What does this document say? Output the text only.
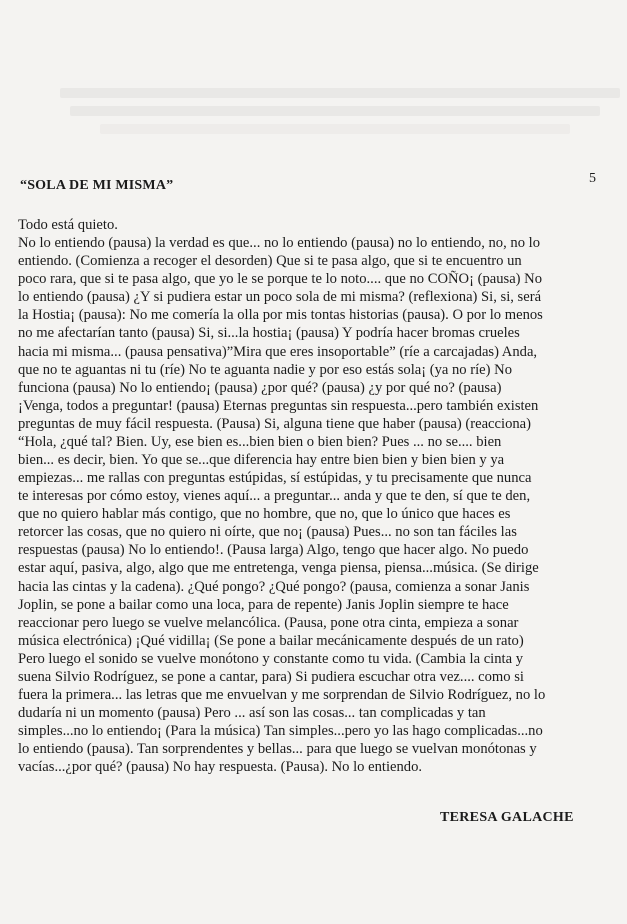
5
“SOLA DE MI MISMA”
Todo está quieto.
No lo entiendo (pausa) la verdad es que... no lo entiendo (pausa) no lo entiendo, no, no lo
entiendo. (Comienza a recoger el desorden) Que si te pasa algo, que si te encuentro un
poco rara, que si te pasa algo, que yo le se porque te lo noto.... que no COÑO¡ (pausa) No
lo entiendo (pausa) ¿Y si pudiera estar un poco sola de mi misma? (reflexiona) Si, si, será
la Hostia¡ (pausa): No me comería la olla por mis tontas historias (pausa). O por lo menos
no me afectarían tanto (pausa) Si, si...la hostia¡ (pausa) Y podría hacer bromas crueles
hacia mi misma... (pausa pensativa)”Mira que eres insoportable” (ríe a carcajadas) Anda,
que no te aguantas ni tu (ríe) No te aguanta nadie y por eso estás sola¡ (ya no ríe) No
funciona (pausa) No lo entiendo¡ (pausa) ¿por qué? (pausa) ¿y por qué no? (pausa)
¡Venga, todos a preguntar! (pausa) Eternas preguntas sin respuesta...pero también existen
preguntas de muy fácil respuesta. (Pausa) Si, alguna tiene que haber (pausa) (reacciona)
“Hola, ¿qué tal? Bien. Uy, ese bien es...bien bien o bien bien? Pues ... no se.... bien
bien... es decir, bien. Yo que se...que diferencia hay entre bien bien y bien bien y ya
empiezas... me rallas con preguntas estúpidas, sí estúpidas, y tu precisamente que nunca
te interesas por cómo estoy, vienes aquí... a preguntar... anda y que te den, sí que te den,
que no quiero hablar más contigo, que no hombre, que no, que lo único que haces es
retorcer las cosas, que no quiero ni oírte, que no¡ (pausa) Pues... no son tan fáciles las
respuestas (pausa) No lo entiendo!. (Pausa larga) Algo, tengo que hacer algo. No puedo
estar aquí, pasiva, algo, algo que me entretenga, venga piensa, piensa...música. (Se dirige
hacia las cintas y la cadena). ¿Qué pongo? ¿Qué pongo? (pausa, comienza a sonar Janis
Joplin, se pone a bailar como una loca, para de repente) Janis Joplin siempre te hace
reaccionar pero luego se vuelve melancólica. (Pausa, pone otra cinta, empieza a sonar
música electrónica) ¡Qué vidilla¡ (Se pone a bailar mecánicamente después de un rato)
Pero luego el sonido se vuelve monótono y constante como tu vida. (Cambia la cinta y
suena Silvio Rodríguez, se pone a cantar, para) Si pudiera escuchar otra vez.... como si
fuera la primera... las letras que me envuelvan y me sorprendan de Silvio Rodríguez, no lo
dudaría ni un momento (pausa) Pero ... así son las cosas... tan complicadas y tan
simples...no lo entiendo¡ (Para la música) Tan simples...pero yo las hago complicadas...no
lo entiendo (pausa). Tan sorprendentes y bellas... para que luego se vuelvan monótonas y
vacías...¿por qué? (pausa) No hay respuesta. (Pausa). No lo entiendo.
TERESA GALACHE
